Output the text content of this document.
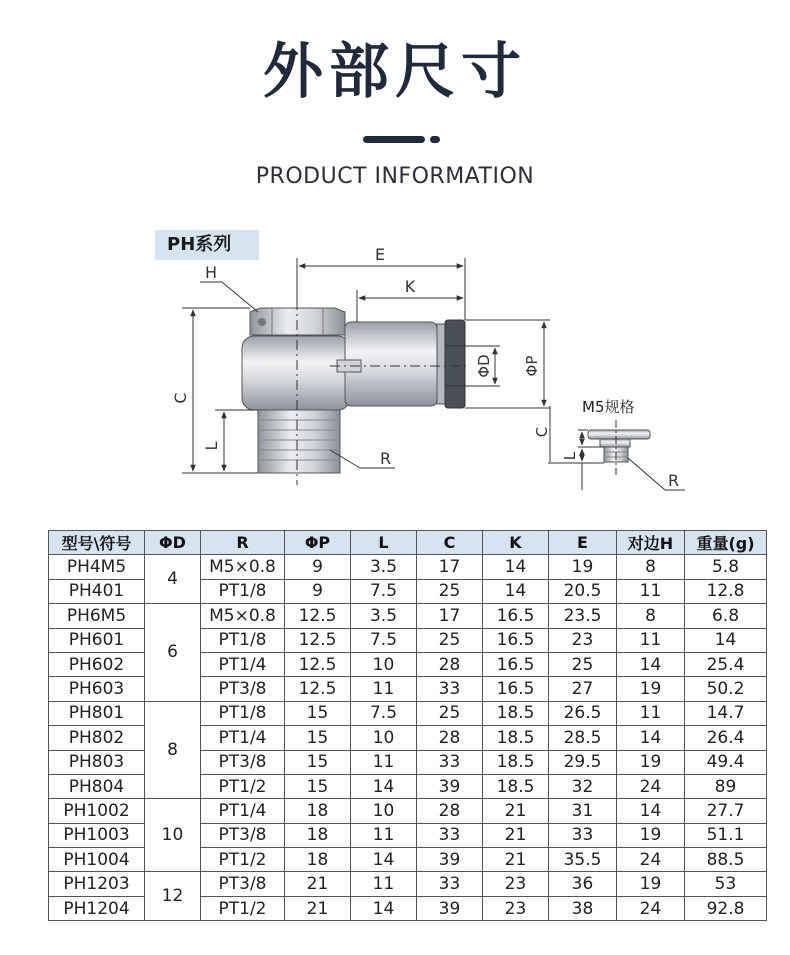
外部尺寸
PRODUCT INFORMATION
PH系列	E
K
H
C
L
R
ΦD ΦP
M5规格
C
L
R
型号\符号	ΦD	R	ΦP	L	C	K	E	对边H	重量(g)
PH4M5	4	M5×0.8	9	3.5	17	14	19	8	5.8
PH401		PT1/8	9	7.5	25	14	20.5	11	12.8
PH6M5	6	M5×0.8	12.5	3.5	17	16.5	23.5	8	6.8
PH601		PT1/8	12.5	7.5	25	16.5	23	11	14
PH602		PT1/4	12.5	10	28	16.5	25	14	25.4
PH603		PT3/8	12.5	11	33	16.5	27	19	50.2
PH801	8	PT1/8	15	7.5	25	18.5	26.5	11	14.7
PH802		PT1/4	15	10	28	18.5	28.5	14	26.4
PH803		PT3/8	15	11	33	18.5	29.5	19	49.4
PH804		PT1/2	15	14	39	18.5	32	24	89
PH1002	10	PT1/4	18	10	28	21	31	14	27.7
PH1003		PT3/8	18	11	33	21	33	19	51.1
PH1004		PT1/2	18	14	39	21	35.5	24	88.5
PH1203	12	PT3/8	21	11	33	23	36	19	53
PH1204		PT1/2	21	14	39	23	38	24	92.8
